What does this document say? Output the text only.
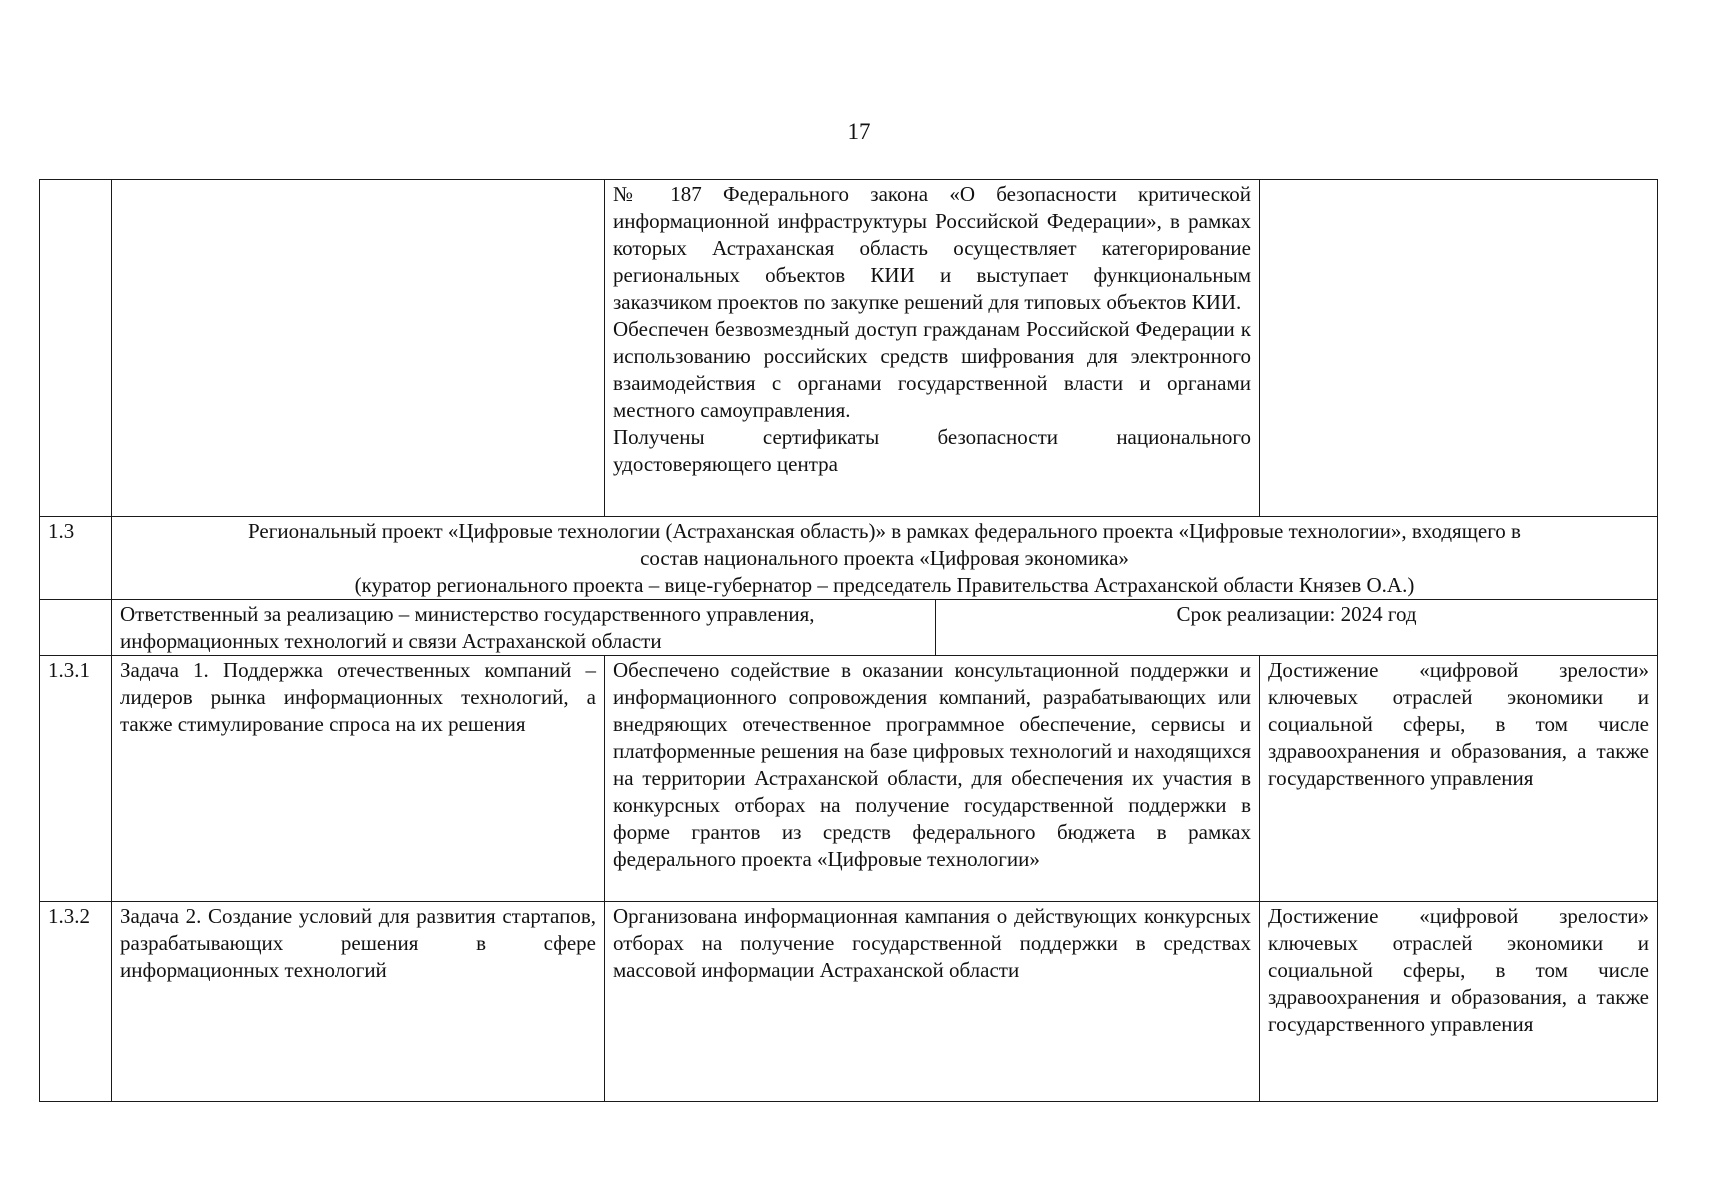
17

		№ 187 Федерального закона «О безопасности критической информационной инфраструктуры Российской Федерации», в рамках которых Астраханская область осуществляет категорирование региональных объектов КИИ и выступает функциональным заказчиком проектов по закупке решений для типовых объектов КИИ.
Обеспечен безвозмездный доступ гражданам Российской Федерации к использованию российских средств шифрования для электронного взаимодействия с органами государственной власти и органами местного самоуправления.
Получены сертификаты безопасности национального удостоверяющего центра		

1.3	Региональный проект «Цифровые технологии (Астраханская область)» в рамках федерального проекта «Цифровые технологии», входящего в
состав национального проекта «Цифровая экономика»
(куратор регионального проекта – вице-губернатор – председатель Правительства Астраханской области Князев О.А.)			

	Ответственный за реализацию – министерство государственного управления, информационных технологий и связи Астраханской области		Срок реализации: 2024 год	
1.3.1	Задача 1. Поддержка отечественных компаний – лидеров рынка информационных технологий, а также стимулирование спроса на их решения	Обеспечено содействие в оказании консультационной поддержки и информационного сопровождения компаний, разрабатывающих или внедряющих отечественное программное обеспечение, сервисы и платформенные решения на базе цифровых технологий и находящихся на территории Астраханской области, для обеспечения их участия в конкурсных отборах на получение государственной поддержки в форме грантов из средств федерального бюджета в рамках федерального проекта «Цифровые технологии»		Достижение «цифровой зрелости» ключевых отраслей экономики и социальной сферы, в том числе здравоохранения и образования, а также государственного управления
1.3.2	Задача 2. Создание условий для развития стартапов, разрабатывающих решения в сфере информационных технологий	Организована информационная кампания о действующих конкурсных отборах на получение государственной поддержки в средствах массовой информации Астраханской области		Достижение «цифровой зрелости» ключевых отраслей экономики и социальной сферы, в том числе здравоохранения и образования, а также государственного управления
